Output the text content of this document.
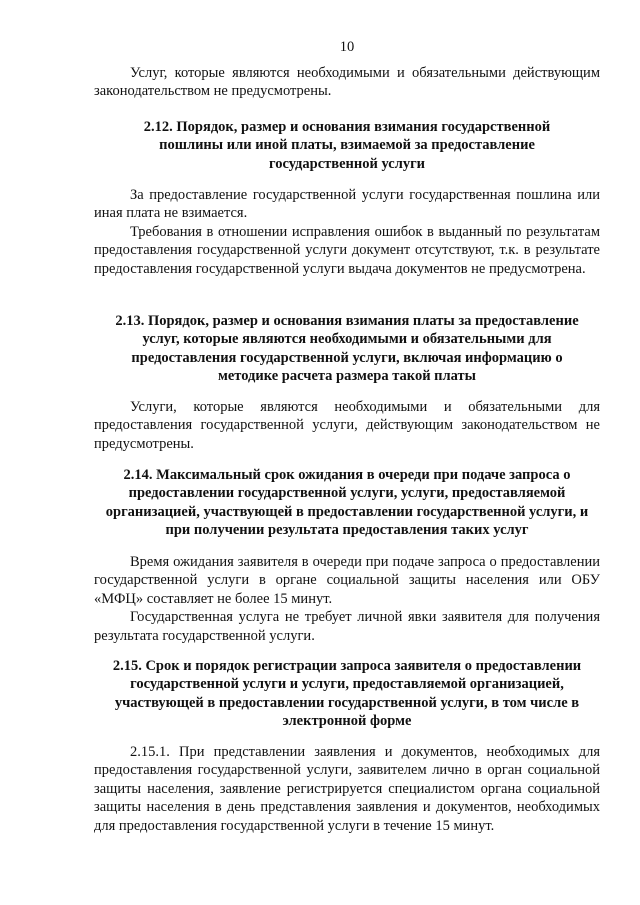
10

Услуг, которые являются необходимыми и обязательными действующим законодательством не предусмотрены.

2.12. Порядок, размер и основания взимания государственной пошлины или иной платы, взимаемой за предоставление государственной услуги

За предоставление государственной услуги государственная пошлина или иная плата не взимается.

Требования в отношении исправления ошибок в выданный по результатам предоставления государственной услуги документ отсутствуют, т.к. в результате предоставления государственной услуги выдача документов не предусмотрена.

2.13. Порядок, размер и основания взимания платы за предоставление услуг, которые являются необходимыми и обязательными для предоставления государственной услуги, включая информацию о методике расчета размера такой платы

Услуги, которые являются необходимыми и обязательными для предоставления государственной услуги, действующим законодательством не предусмотрены.

2.14. Максимальный срок ожидания в очереди при подаче запроса о предоставлении государственной услуги, услуги, предоставляемой организацией, участвующей в предоставлении государственной услуги, и при получении результата предоставления таких услуг

Время ожидания заявителя в очереди при подаче запроса о предоставлении государственной услуги в органе социальной защиты населения или ОБУ «МФЦ» составляет не более 15 минут.

Государственная услуга не требует личной явки заявителя для получения результата государственной услуги.

2.15. Срок и порядок регистрации запроса заявителя о предоставлении государственной услуги и услуги, предоставляемой организацией, участвующей в предоставлении государственной услуги, в том числе в электронной форме

2.15.1. При представлении заявления и документов, необходимых для предоставления государственной услуги, заявителем лично в орган социальной защиты населения, заявление регистрируется специалистом органа социальной защиты населения в день представления заявления и документов, необходимых для предоставления государственной услуги в течение 15 минут.
